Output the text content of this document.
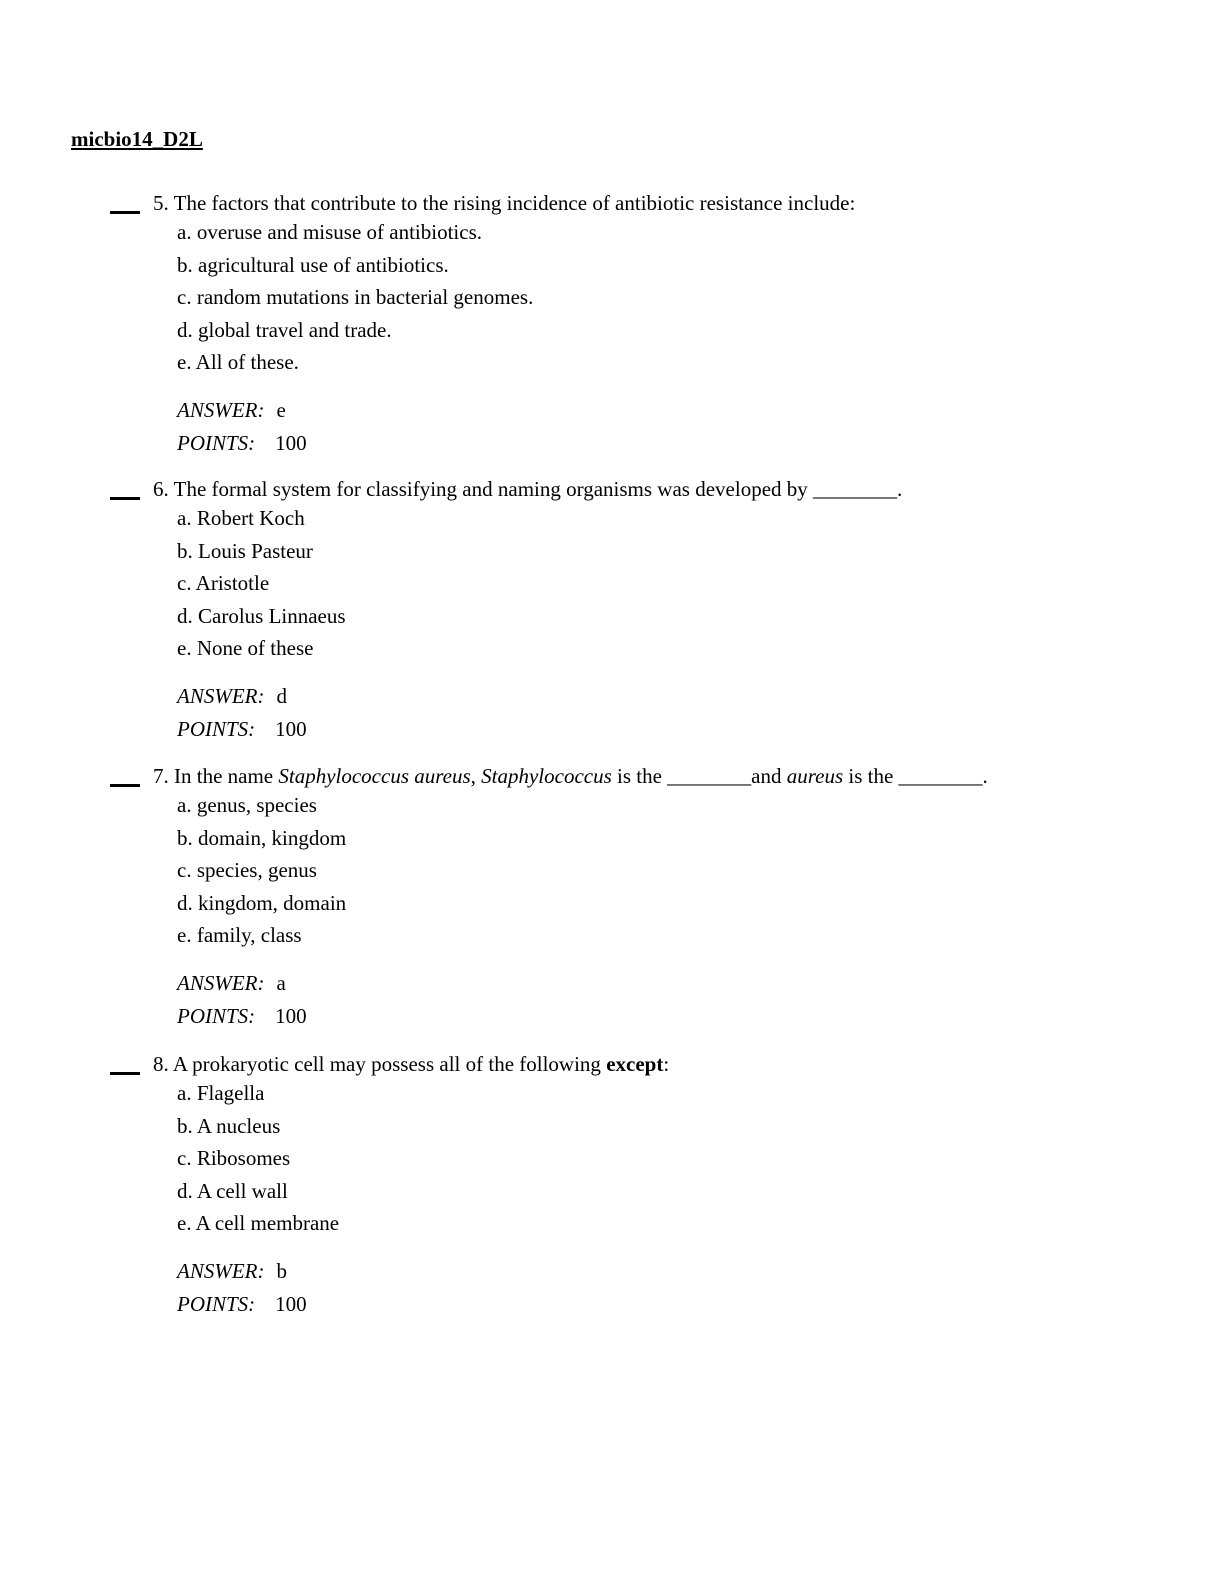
micbio14_D2L
5. The factors that contribute to the rising incidence of antibiotic resistance include:
a. overuse and misuse of antibiotics.
b. agricultural use of antibiotics.
c. random mutations in bacterial genomes.
d. global travel and trade.
e. All of these.
ANSWER: e
POINTS: 100
6. The formal system for classifying and naming organisms was developed by ________.
a. Robert Koch
b. Louis Pasteur
c. Aristotle
d. Carolus Linnaeus
e. None of these
ANSWER: d
POINTS: 100
7. In the name Staphylococcus aureus, Staphylococcus is the ________and aureus is the ________.
a. genus, species
b. domain, kingdom
c. species, genus
d. kingdom, domain
e. family, class
ANSWER: a
POINTS: 100
8. A prokaryotic cell may possess all of the following except:
a. Flagella
b. A nucleus
c. Ribosomes
d. A cell wall
e. A cell membrane
ANSWER: b
POINTS: 100
